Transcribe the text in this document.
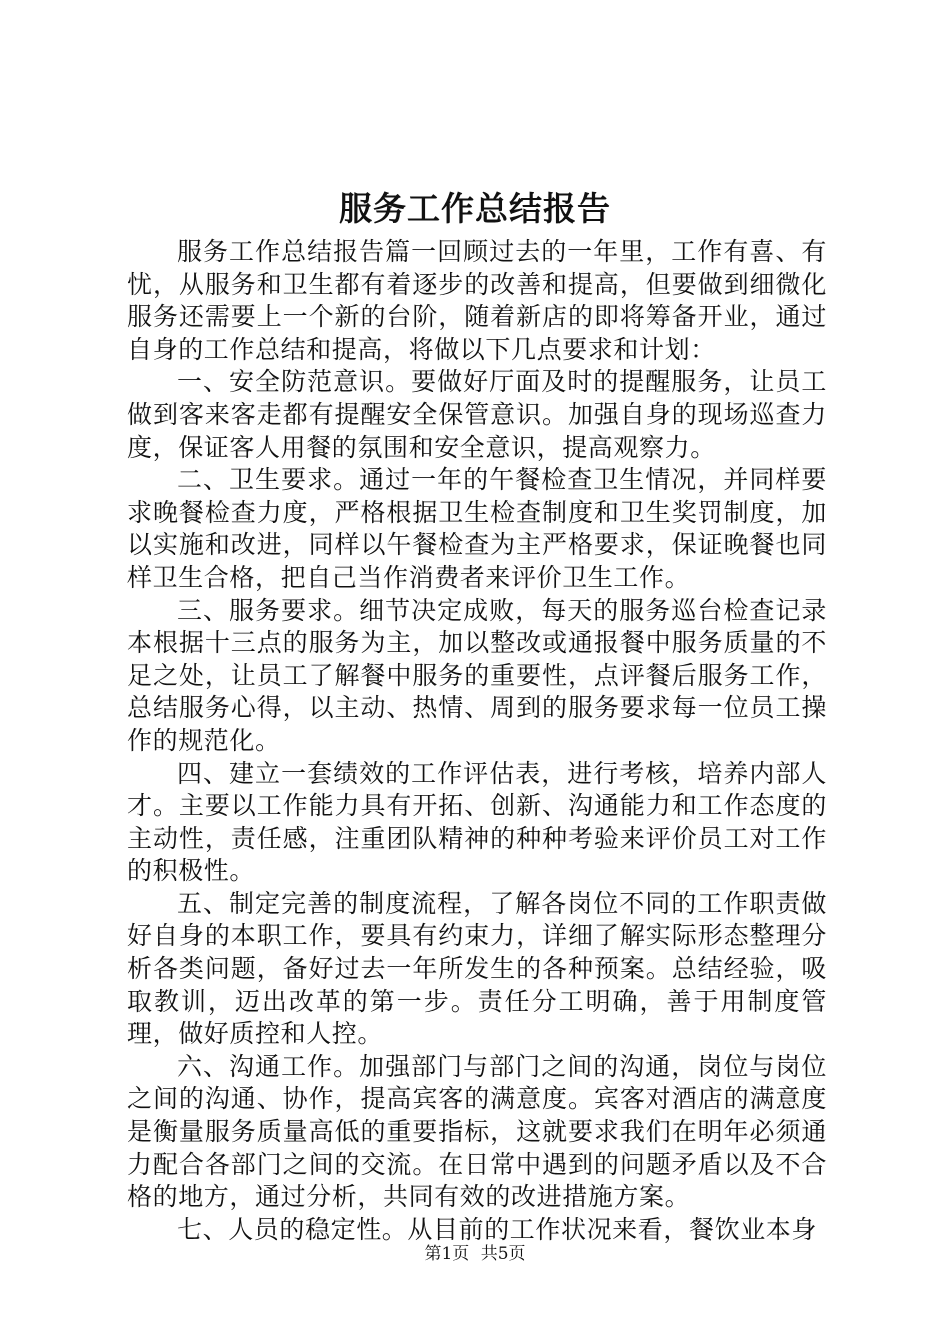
服务工作总结报告

服务工作总结报告篇一回顾过去的一年里，工作有喜、有忧，从服务和卫生都有着逐步的改善和提高，但要做到细微化服务还需要上一个新的台阶，随着新店的即将筹备开业，通过自身的工作总结和提高，将做以下几点要求和计划：

一、安全防范意识。要做好厅面及时的提醒服务，让员工做到客来客走都有提醒安全保管意识。加强自身的现场巡查力度，保证客人用餐的氛围和安全意识，提高观察力。

二、卫生要求。通过一年的午餐检查卫生情况，并同样要求晚餐检查力度，严格根据卫生检查制度和卫生奖罚制度，加以实施和改进，同样以午餐检查为主严格要求，保证晚餐也同样卫生合格，把自己当作消费者来评价卫生工作。

三、服务要求。细节决定成败，每天的服务巡台检查记录本根据十三点的服务为主，加以整改或通报餐中服务质量的不足之处，让员工了解餐中服务的重要性，点评餐后服务工作，总结服务心得，以主动、热情、周到的服务要求每一位员工操作的规范化。

四、建立一套绩效的工作评估表，进行考核，培养内部人才。主要以工作能力具有开拓、创新、沟通能力和工作态度的主动性，责任感，注重团队精神的种种考验来评价员工对工作的积极性。

五、制定完善的制度流程，了解各岗位不同的工作职责做好自身的本职工作，要具有约束力，详细了解实际形态整理分析各类问题，备好过去一年所发生的各种预案。总结经验，吸取教训，迈出改革的第一步。责任分工明确，善于用制度管理，做好质控和人控。

六、沟通工作。加强部门与部门之间的沟通，岗位与岗位之间的沟通、协作，提高宾客的满意度。宾客对酒店的满意度是衡量服务质量高低的重要指标，这就要求我们在明年必须通力配合各部门之间的交流。在日常中遇到的问题矛盾以及不合格的地方，通过分析，共同有效的改进措施方案。

七、人员的稳定性。从目前的工作状况来看，餐饮业本身

第1页 共5页
